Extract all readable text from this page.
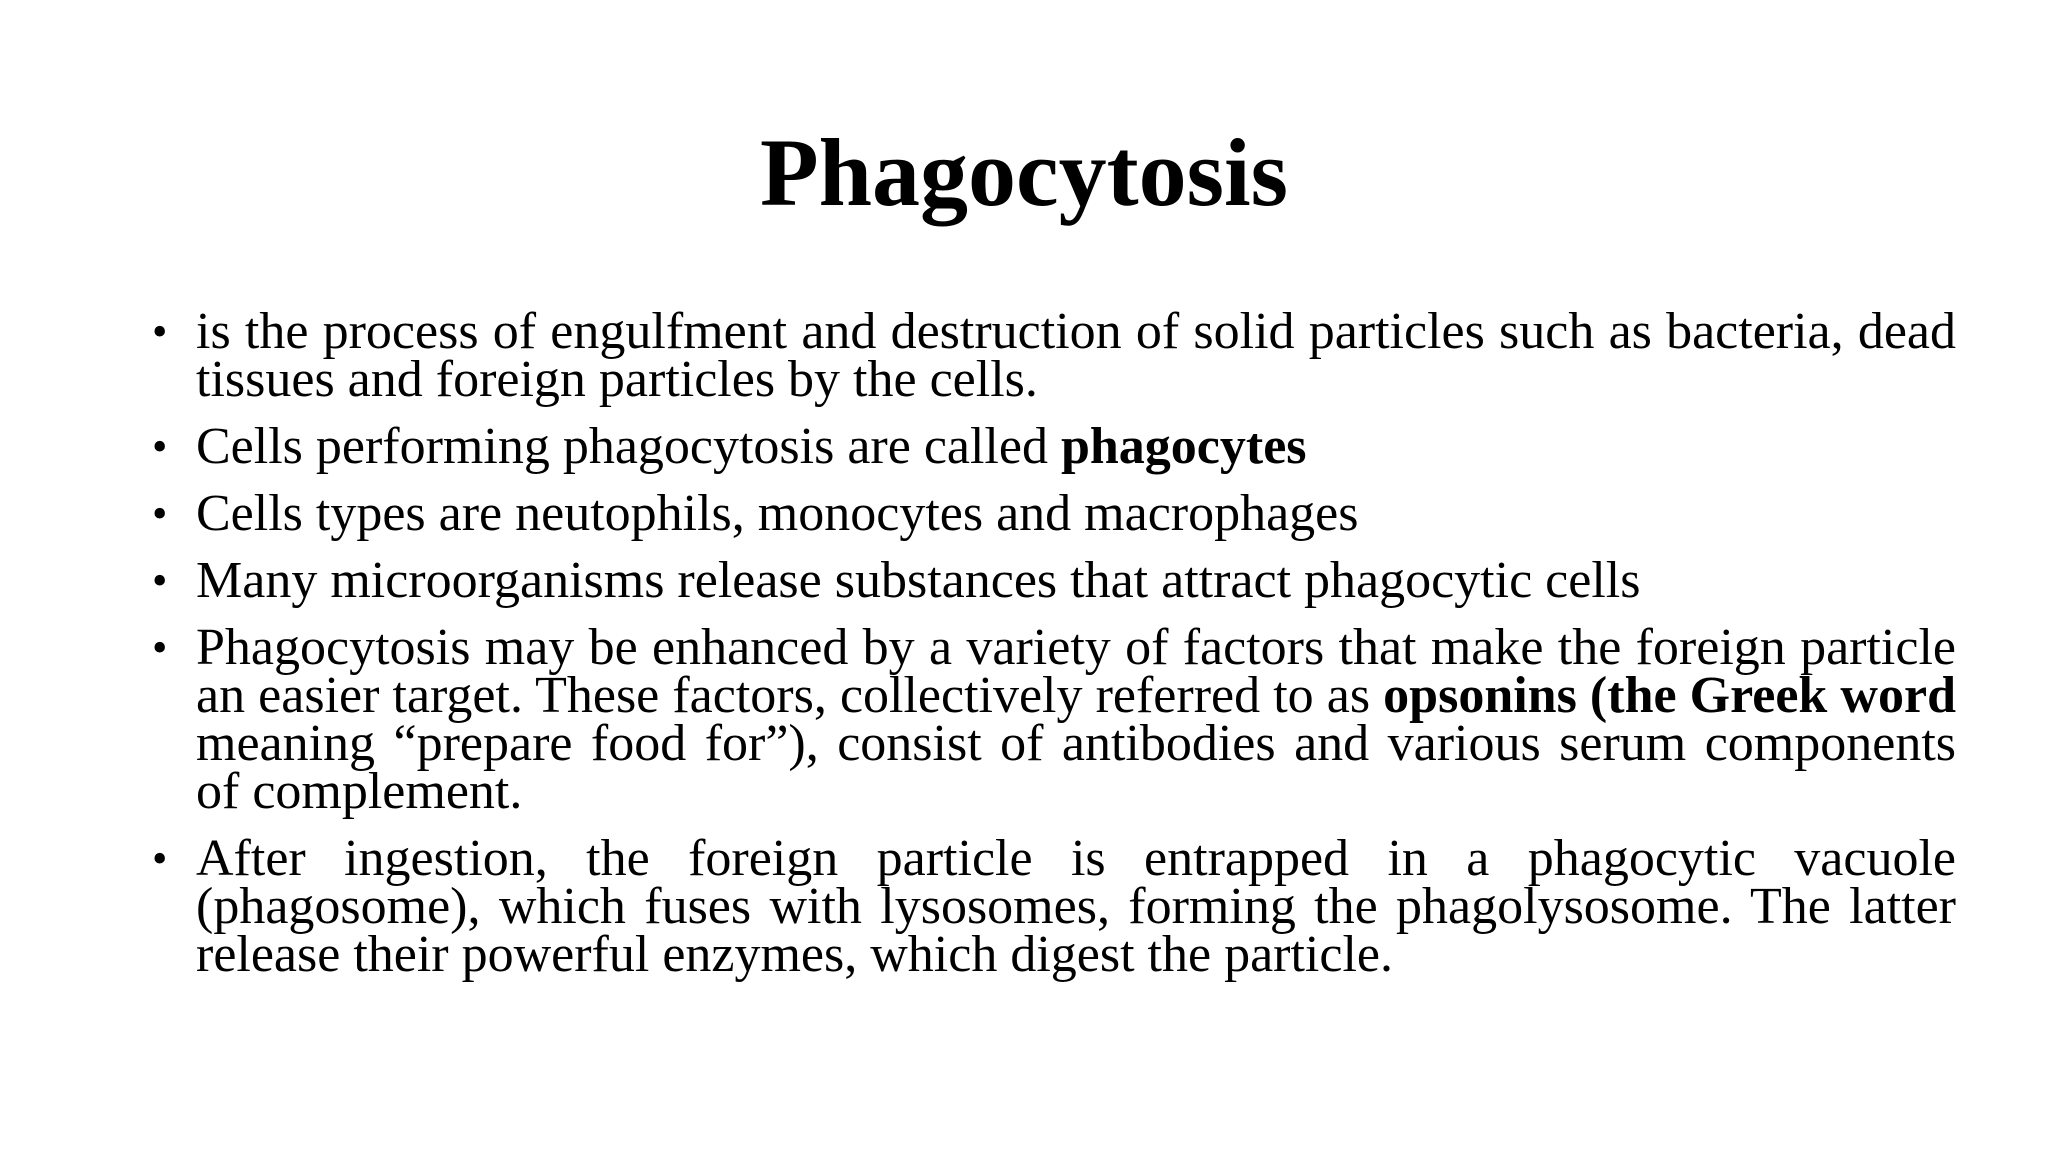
Phagocytosis
• is the process of engulfment and destruction of solid particles such as bacteria, dead tissues and foreign particles by the cells.
• Cells performing phagocytosis are called phagocytes
• Cells types are neutophils, monocytes and macrophages
• Many microorganisms release substances that attract phagocytic cells
• Phagocytosis may be enhanced by a variety of factors that make the foreign particle an easier target. These factors, collectively referred to as opsonins (the Greek word meaning “prepare food for”), consist of antibodies and various serum components of complement.
• After ingestion, the foreign particle is entrapped in a phagocytic vacuole (phagosome), which fuses with lysosomes, forming the phagolysosome. The latter release their powerful enzymes, which digest the particle.
